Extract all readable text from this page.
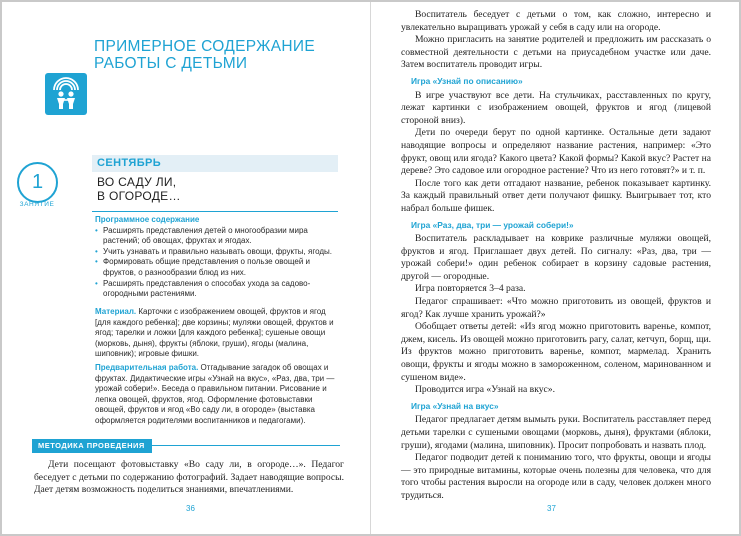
ПРИМЕРНОЕ СОДЕРЖАНИЕ
РАБОТЫ С ДЕТЬМИ
1
ЗАНЯТИЕ
СЕНТЯБРЬ
ВО САДУ ЛИ,
В ОГОРОДЕ…
Программное содержание
• Расширять представления детей о многообразии мира растений; об овощах, фруктах и ягодах.
• Учить узнавать и правильно называть овощи, фрукты, ягоды.
• Формировать общие представления о пользе овощей и фруктов, о разнообразии блюд из них.
• Расширять представления о способах ухода за садово-огородными растениями.
Материал. Карточки с изображением овощей, фруктов и ягод [для каждого ребенка]; две корзины; муляжи овощей, фруктов и ягод; тарелки и ложки [для каждого ребенка]; сушеные овощи (морковь, дыня), фрукты (яблоки, груши), ягоды (малина, шиповник); игровые фишки.
Предварительная работа. Отгадывание загадок об овощах и фруктах. Дидактические игры «Узнай на вкус», «Раз, два, три — урожай собери!». Беседа о правильном питании. Рисование и лепка овощей, фруктов, ягод. Оформление фотовыставки овощей, фруктов и ягод «Во саду ли, в огороде» (выставка оформляется родителями воспитанников и педагогами).
МЕТОДИКА ПРОВЕДЕНИЯ

Дети посещают фотовыставку «Во саду ли, в огороде…». Педагог беседует с детьми по содержанию фотографий. Задает наводящие вопросы. Дает детям возможность поделиться знаниями, впечатлениями.

36

Воспитатель беседует с детьми о том, как сложно, интересно и увлекательно выращивать урожай у себя в саду или на огороде.

Можно пригласить на занятие родителей и предложить им рассказать о совместной деятельности с детьми на приусадебном участке или даче. Затем воспитатель проводит игры.

Игра «Узнай по описанию»

В игре участвуют все дети. На стульчиках, расставленных по кругу, лежат картинки с изображением овощей, фруктов и ягод (лицевой стороной вниз).

Дети по очереди берут по одной картинке. Остальные дети задают наводящие вопросы и определяют название растения, например: «Это фрукт, овощ или ягода? Какого цвета? Какой формы? Какой вкус? Растет на дереве? Это садовое или огородное растение? Что из него готовят?» и т. п.

После того как дети отгадают название, ребенок показывает картинку. За каждый правильный ответ дети получают фишку. Выигрывает тот, кто набрал больше фишек.

Игра «Раз, два, три — урожай собери!»

Воспитатель раскладывает на коврике различные муляжи овощей, фруктов и ягод. Приглашает двух детей. По сигналу: «Раз, два, три — урожай собери!» один ребенок собирает в корзину садовые растения, другой — огородные.

Игра повторяется 3–4 раза.

Педагог спрашивает: «Что можно приготовить из овощей, фруктов и ягод? Как лучше хранить урожай?»

Обобщает ответы детей: «Из ягод можно приготовить варенье, компот, джем, кисель. Из овощей можно приготовить рагу, салат, кетчуп, борщ, щи. Из фруктов можно приготовить варенье, компот, мармелад. Хранить овощи, фрукты и ягоды можно в замороженном, соленом, маринованном и сушеном виде».

Проводится игра «Узнай на вкус».

Игра «Узнай на вкус»

Педагог предлагает детям вымыть руки. Воспитатель расставляет перед детьми тарелки с сушеными овощами (морковь, дыня), фруктами (яблоки, груши), ягодами (малина, шиповник). Просит попробовать и назвать плод.

Педагог подводит детей к пониманию того, что фрукты, овощи и ягоды — это природные витамины, которые очень полезны для человека, что для того чтобы растения выросли на огороде или в саду, человек должен много трудиться.

37
